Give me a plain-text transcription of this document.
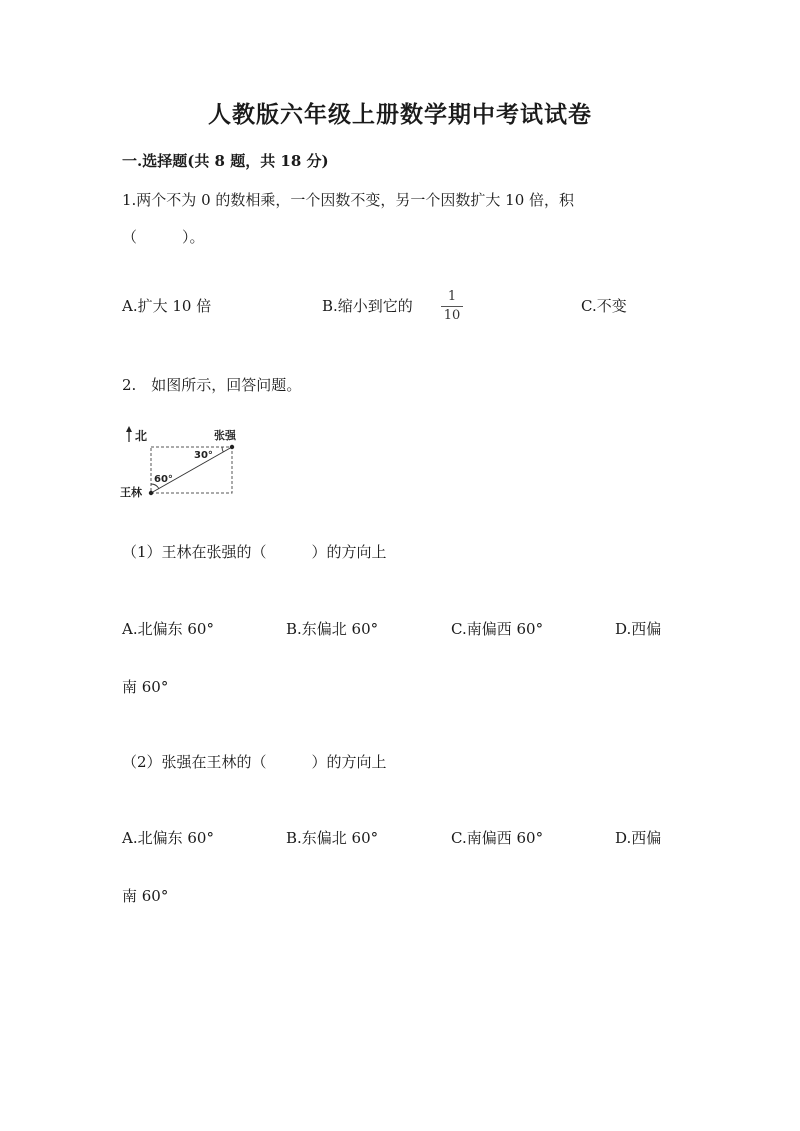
人教版六年级上册数学期中考试试卷
一.选择题(共 8 题，共 18 分)
1.两个不为 0 的数相乘，一个因数不变，另一个因数扩大 10 倍，积
（　　　）。
A.扩大 10 倍	B.缩小到它的
1
10
C.不变
2.　如图所示，回答问题。
北	张强
30°
60°
王林
（1）王林在张强的（　　　）的方向上
A.北偏东 60°	B.东偏北 60°	C.南偏西 60°	D.西偏
南 60°
（2）张强在王林的（　　　）的方向上
A.北偏东 60°	B.东偏北 60°	C.南偏西 60°	D.西偏
南 60°
